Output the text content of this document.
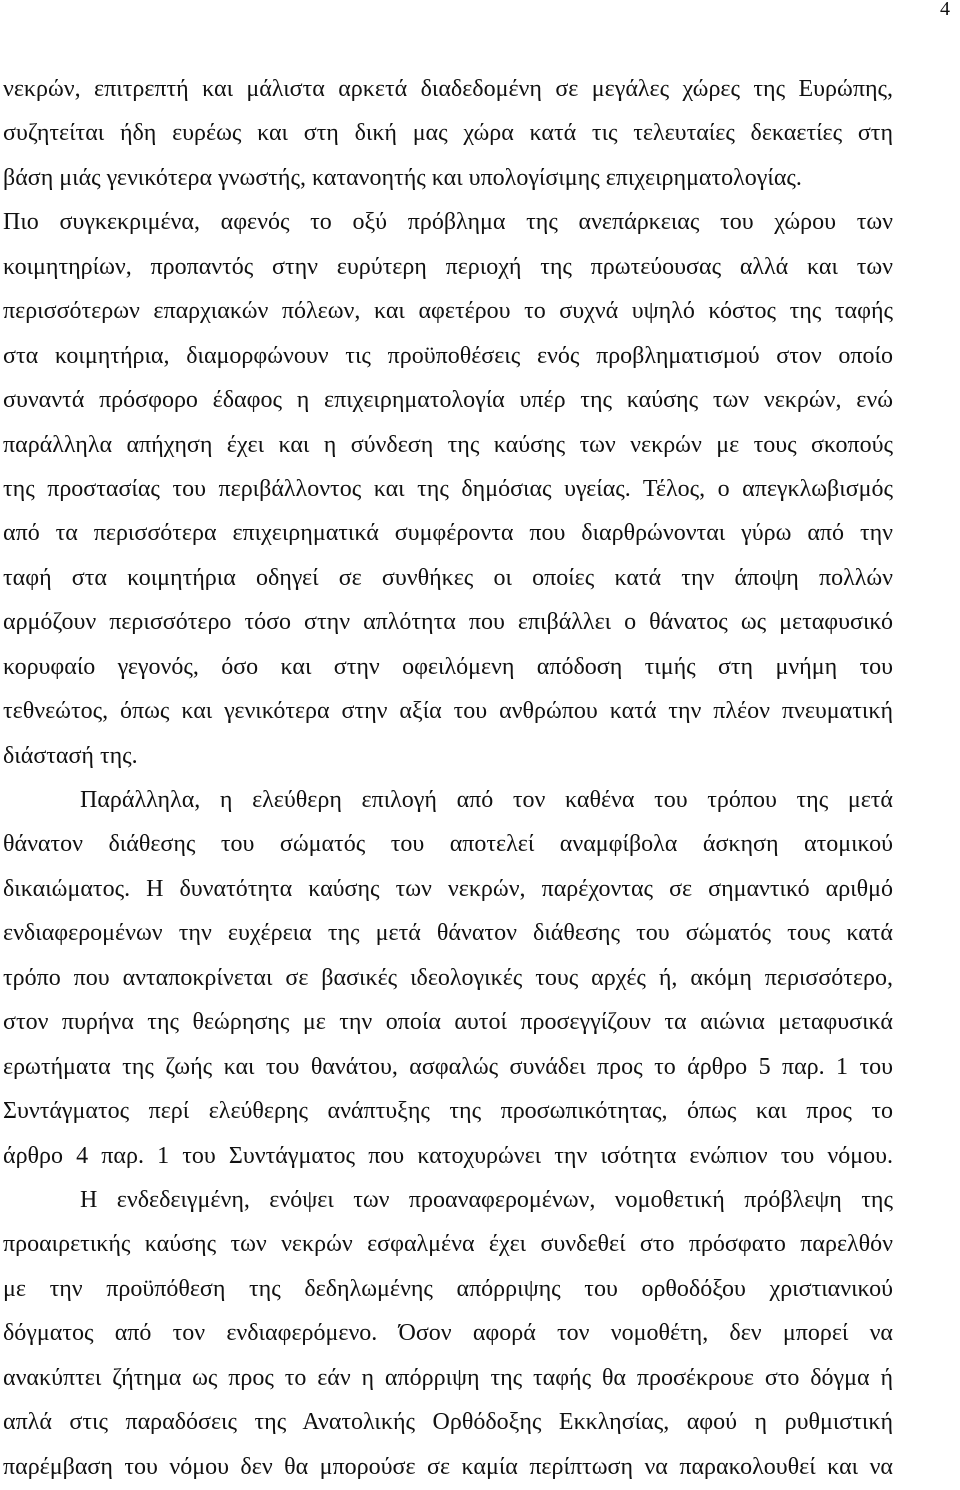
4
νεκρών, επιτρεπτή και μάλιστα αρκετά διαδεδομένη σε μεγάλες χώρες της Ευρώπης,
συζητείται ήδη ευρέως και στη δική μας χώρα κατά τις τελευταίες δεκαετίες στη
βάση μιάς γενικότερα γνωστής, κατανοητής και υπολογίσιμης επιχειρηματολογίας.
Πιο συγκεκριμένα, αφενός το οξύ πρόβλημα της ανεπάρκειας του χώρου των
κοιμητηρίων, προπαντός στην ευρύτερη περιοχή της πρωτεύουσας αλλά και των
περισσότερων επαρχιακών πόλεων, και αφετέρου το συχνά υψηλό κόστος της ταφής
στα κοιμητήρια, διαμορφώνουν τις προϋποθέσεις ενός προβληματισμού στον οποίο
συναντά πρόσφορο έδαφος η επιχειρηματολογία υπέρ της καύσης των νεκρών, ενώ
παράλληλα απήχηση έχει και η σύνδεση της καύσης των νεκρών με τους σκοπούς
της προστασίας του περιβάλλοντος και της δημόσιας υγείας. Τέλος, ο απεγκλωβισμός
από τα περισσότερα επιχειρηματικά συμφέροντα που διαρθρώνονται γύρω από την
ταφή στα κοιμητήρια οδηγεί σε συνθήκες οι οποίες κατά την άποψη πολλών
αρμόζουν περισσότερο τόσο στην απλότητα που επιβάλλει ο θάνατος ως μεταφυσικό
κορυφαίο γεγονός, όσο και στην οφειλόμενη απόδοση τιμής στη μνήμη του
τεθνεώτος, όπως και γενικότερα στην αξία του ανθρώπου κατά την πλέον πνευματική
διάστασή της.
Παράλληλα, η ελεύθερη επιλογή από τον καθένα του τρόπου της μετά
θάνατον διάθεσης του σώματός του αποτελεί αναμφίβολα άσκηση ατομικού
δικαιώματος. Η δυνατότητα καύσης των νεκρών, παρέχοντας σε σημαντικό αριθμό
ενδιαφερομένων την ευχέρεια της μετά θάνατον διάθεσης του σώματός τους κατά
τρόπο που ανταποκρίνεται σε βασικές ιδεολογικές τους αρχές ή, ακόμη περισσότερο,
στον πυρήνα της θεώρησης με την οποία αυτοί προσεγγίζουν τα αιώνια μεταφυσικά
ερωτήματα της ζωής και του θανάτου, ασφαλώς συνάδει προς το άρθρο 5 παρ. 1 του
Συντάγματος περί ελεύθερης ανάπτυξης της προσωπικότητας, όπως και προς το
άρθρο 4 παρ. 1 του Συντάγματος που κατοχυρώνει την ισότητα ενώπιον του νόμου.
Η ενδεδειγμένη, ενόψει των προαναφερομένων, νομοθετική πρόβλεψη της
προαιρετικής καύσης των νεκρών εσφαλμένα έχει συνδεθεί στο πρόσφατο παρελθόν
με την προϋπόθεση της δεδηλωμένης απόρριψης του ορθοδόξου χριστιανικού
δόγματος από τον ενδιαφερόμενο. Όσον αφορά τον νομοθέτη, δεν μπορεί να
ανακύπτει ζήτημα ως προς το εάν η απόρριψη της ταφής θα προσέκρουε στο δόγμα ή
απλά στις παραδόσεις της Ανατολικής Ορθόδοξης Εκκλησίας, αφού η ρυθμιστική
παρέμβαση του νόμου δεν θα μπορούσε σε καμία περίπτωση να παρακολουθεί και να
